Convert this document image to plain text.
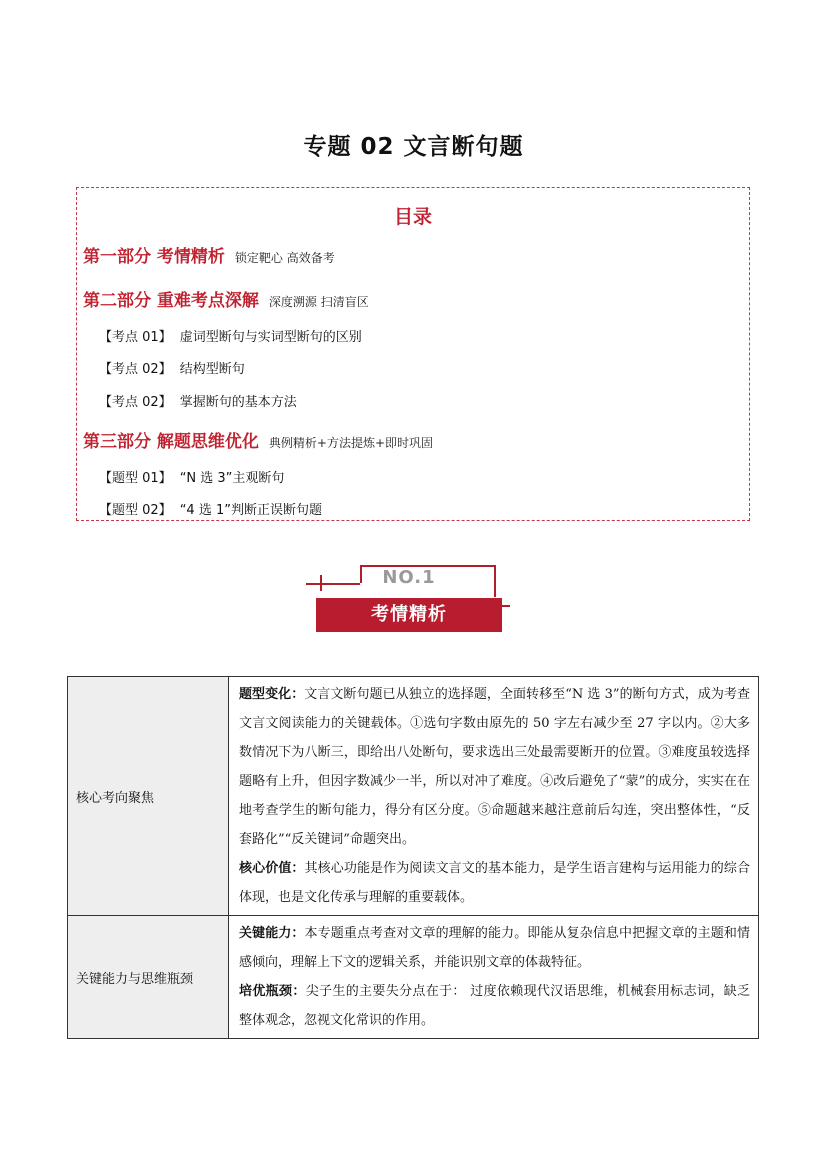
专题 02 文言断句题
目录
第一部分 考情精析 锁定靶心 高效备考
第二部分 重难考点深解 深度溯源 扫清盲区
【考点 01】 虚词型断句与实词型断句的区别
【考点 02】 结构型断句
【考点 02】 掌握断句的基本方法
第三部分 解题思维优化 典例精析+方法提炼+即时巩固
【题型 01】 “N 选 3”主观断句
【题型 02】 “4 选 1”判断正误断句题
NO.1
考情精析
核心考向聚焦	题型变化：文言文断句题已从独立的选择题，全面转移至“N 选 3”的断句方式，成为考查文言文阅读能力的关键载体。①选句字数由原先的 50 字左右减少至 27 字以内。②大多数情况下为八断三，即给出八处断句，要求选出三处最需要断开的位置。③难度虽较选择题略有上升，但因字数减少一半，所以对冲了难度。④改后避免了“蒙”的成分，实实在在地考查学生的断句能力，得分有区分度。⑤命题越来越注意前后勾连，突出整体性，“反套路化”“反关键词”命题突出。
核心价值：其核心功能是作为阅读文言文的基本能力，是学生语言建构与运用能力的综合体现，也是文化传承与理解的重要载体。

关键能力与思维瓶颈	关键能力：本专题重点考查对文章的理解的能力。即能从复杂信息中把握文章的主题和情感倾向，理解上下文的逻辑关系，并能识别文章的体裁特征。
培优瓶颈：尖子生的主要失分点在于： 过度依赖现代汉语思维，机械套用标志词，缺乏整体观念，忽视文化常识的作用。
